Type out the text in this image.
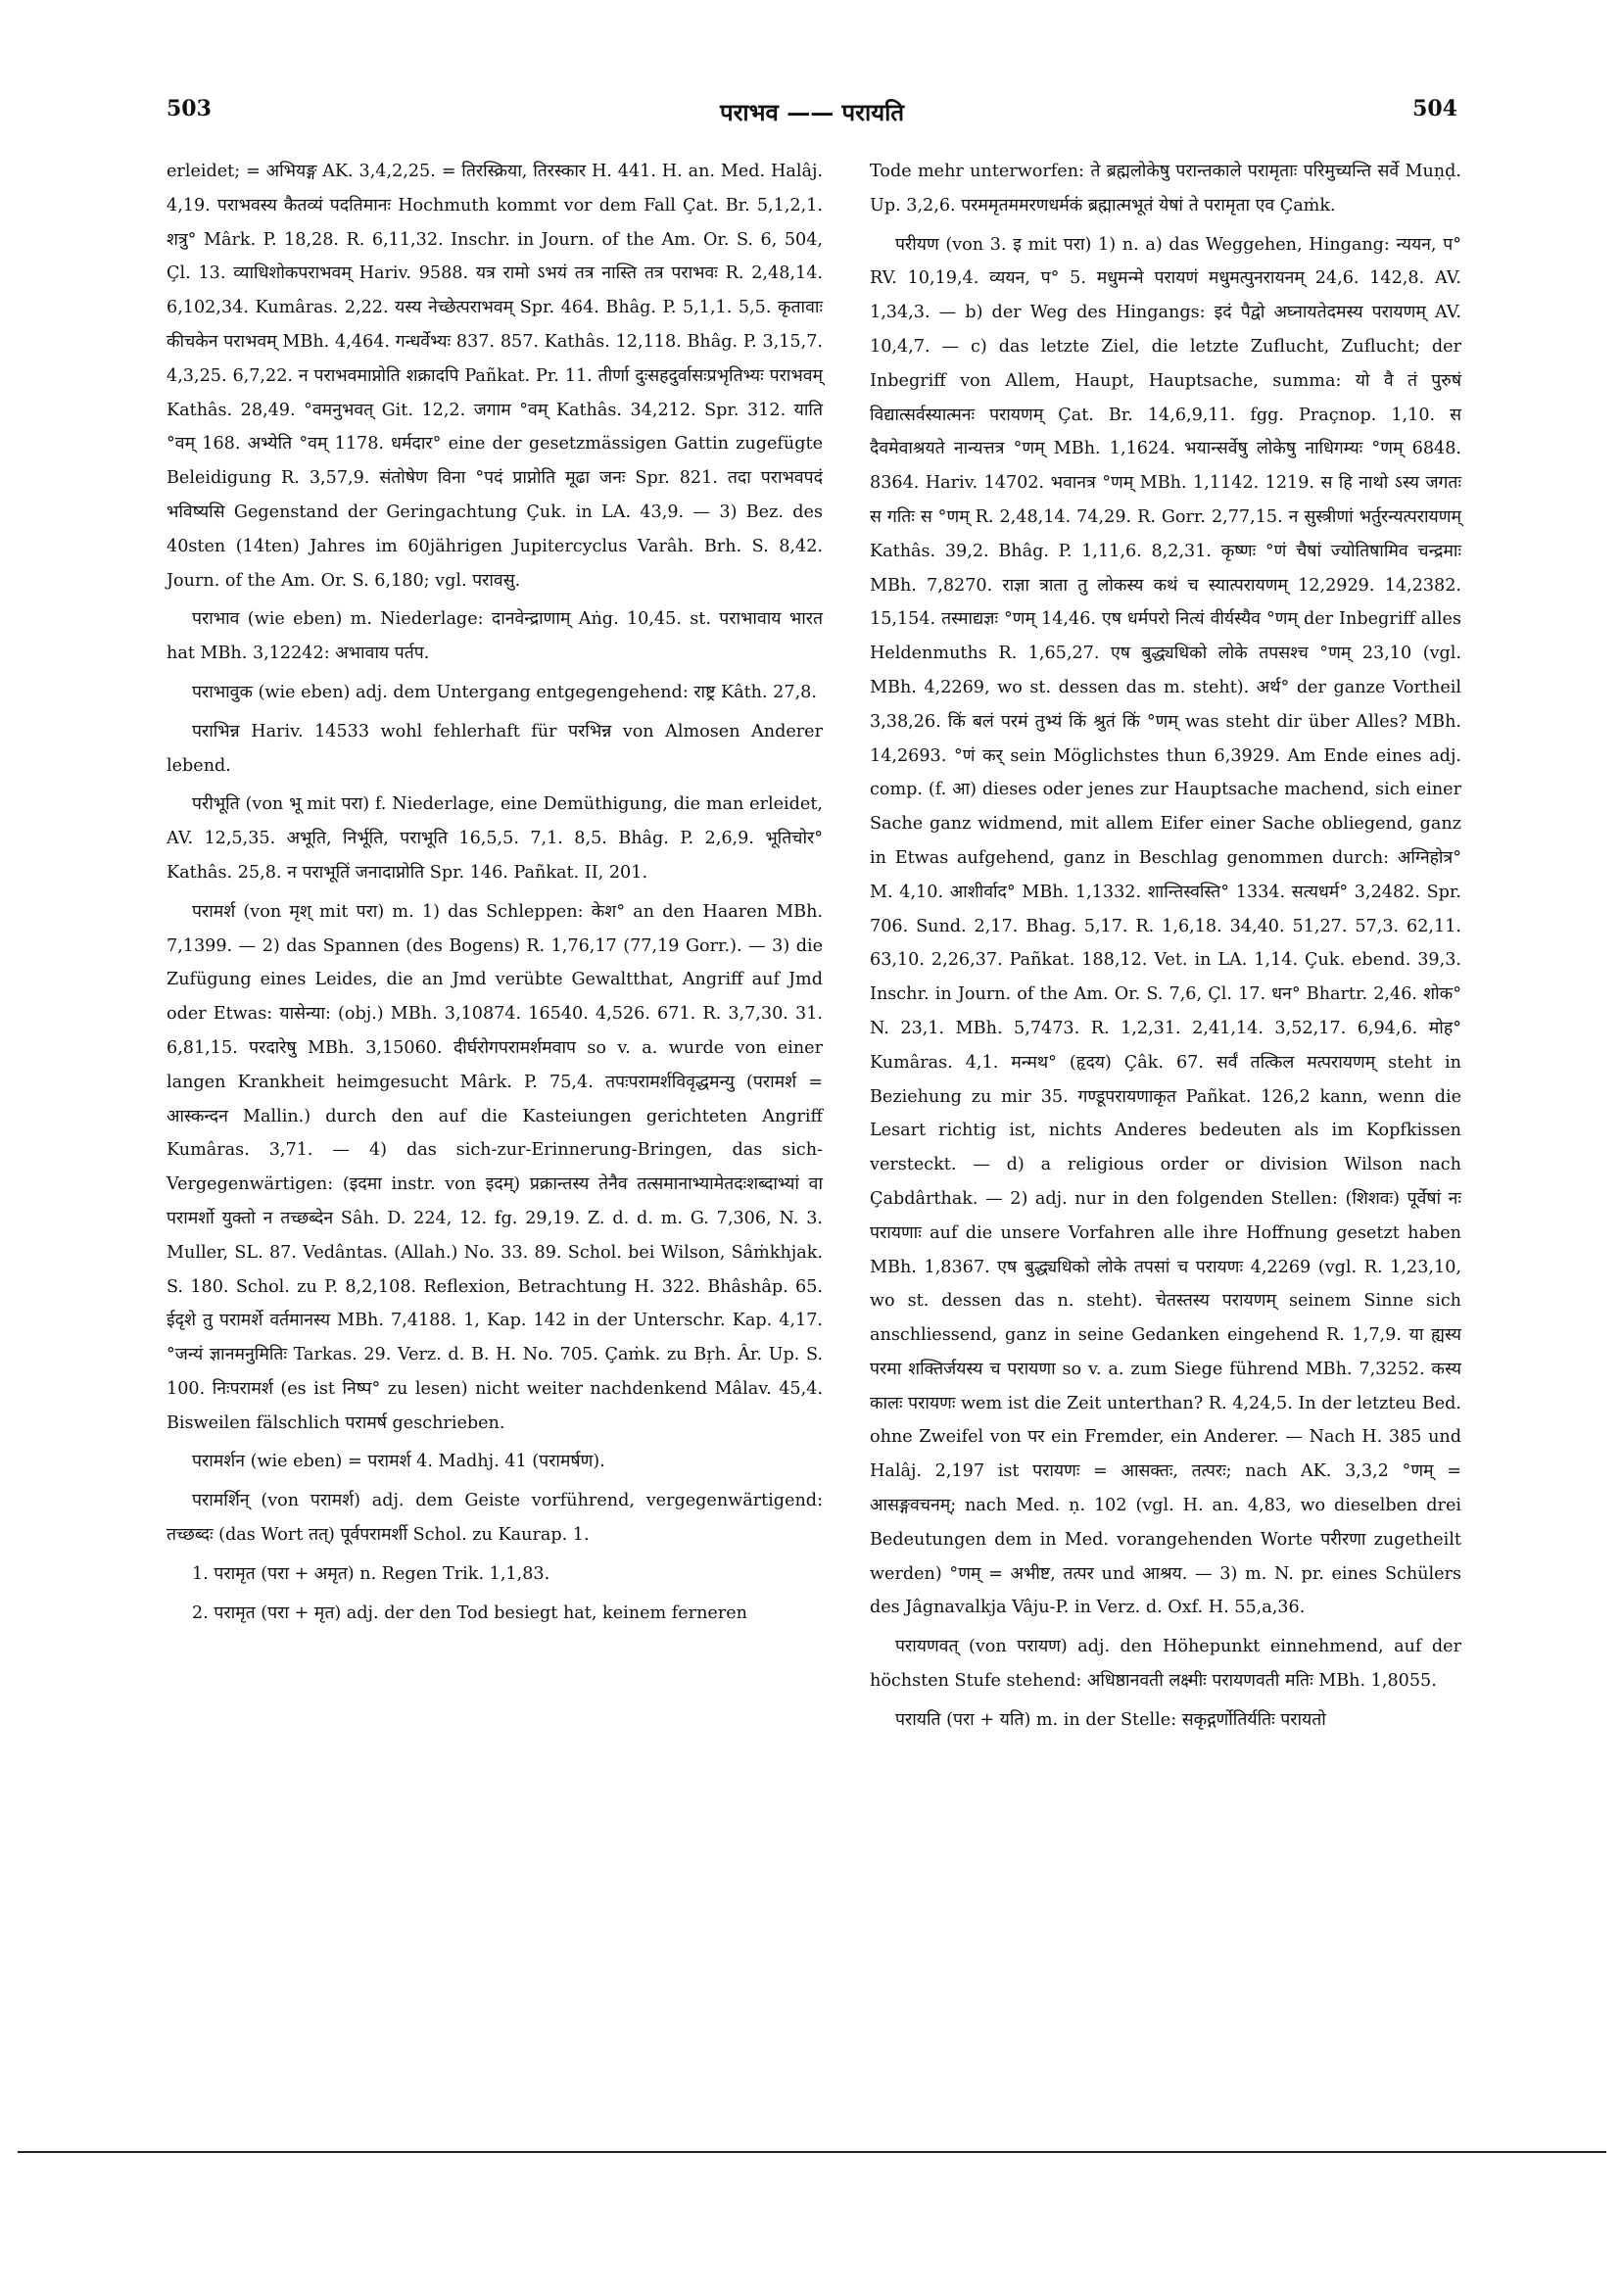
503	पराभव —— परायति	504

erleidet; = अभियङ्ग AK. 3,4,2,25. = तिरस्क्रिया, तिरस्कार H. 441. H. an. Med. Halâj. 4,19. पराभवस्य कैतव्यं पदतिमानः Hochmuth kommt vor dem Fall Çat. Br. 5,1,2,1. शत्रु° Mârk. P. 18,28. R. 6,11,32. Inschr. in Journ. of the Am. Or. S. 6, 504, Çl. 13. व्याधिशोकपराभवम् Hariv. 9588. यत्र रामो ऽभयं तत्र नास्ति तत्र पराभवः R. 2,48,14. 6,102,34. Kumâras. 2,22. यस्य नेच्छेत्पराभवम् Spr. 464. Bhâg. P. 5,1,1. 5,5. कृतावाः कीचकेन पराभवम् MBh. 4,464. गन्धर्वेभ्यः 837. 857. Kathâs. 12,118. Bhâg. P. 3,15,7. 4,3,25. 6,7,22. न पराभवमाप्नोति शक्रादपि Pañkat. Pr. 11. तीर्णा दुःसहदुर्वासःप्रभृतिभ्यः पराभवम् Kathâs. 28,49. °वमनुभवत् Git. 12,2. जगाम °वम् Kathâs. 34,212. Spr. 312. याति °वम् 168. अभ्येति °वम् 1178. धर्मदार° eine der gesetzmässigen Gattin zugefügte Beleidigung R. 3,57,9. संतोषेण विना °पदं प्राप्नोति मूढा जनः Spr. 821. तदा पराभवपदं भविष्यसि Gegenstand der Geringachtung Çuk. in LA. 43,9. — 3) Bez. des 40sten (14ten) Jahres im 60jährigen Jupitercyclus Varâh. Brh. S. 8,42. Journ. of the Am. Or. S. 6,180; vgl. परावसु.

पराभाव (wie eben) m. Niederlage: दानवेन्द्राणाम् Aṅg. 10,45. st. पराभावाय भारत hat MBh. 3,12242: अभावाय पर्तप.

पराभावुक (wie eben) adj. dem Untergang entgegengehend: राष्ट्र Kâth. 27,8.

पराभिन्न Hariv. 14533 wohl fehlerhaft für परभिन्न von Almosen Anderer lebend.

परीभूति (von भू mit परा) f. Niederlage, eine Demüthigung, die man erleidet, AV. 12,5,35. अभूति, निर्भूति, पराभूति 16,5,5. 7,1. 8,5. Bhâg. P. 2,6,9. भूतिचोर° Kathâs. 25,8. न पराभूतिं जनादाप्नोति Spr. 146. Pañkat. II, 201.

परामर्श (von मृश् mit परा) m. 1) das Schleppen: केश° an den Haaren MBh. 7,1399. — 2) das Spannen (des Bogens) R. 1,76,17 (77,19 Gorr.). — 3) die Zufügung eines Leides, die an Jmd verübte Gewaltthat, Angriff auf Jmd oder Etwas: यासेन्या: (obj.) MBh. 3,10874. 16540. 4,526. 671. R. 3,7,30. 31. 6,81,15. परदारेषु MBh. 3,15060. दीर्घरोगपरामर्शमवाप so v. a. wurde von einer langen Krankheit heimgesucht Mârk. P. 75,4. तपःपरामर्शविवृद्धमन्यु (परामर्श = आस्कन्दन Mallin.) durch den auf die Kasteiungen gerichteten Angriff Kumâras. 3,71. — 4) das sich-zur-Erinnerung-Bringen, das sich-Vergegenwärtigen: (इदमा instr. von इदम्) प्रक्रान्तस्य तेनैव तत्समानाभ्यामेतदःशब्दाभ्यां वा परामर्शो युक्तो न तच्छब्देन Sâh. D. 224, 12. fg. 29,19. Z. d. d. m. G. 7,306, N. 3. Muller, SL. 87. Vedântas. (Allah.) No. 33. 89. Schol. bei Wilson, Sâṁkhjak. S. 180. Schol. zu P. 8,2,108. Reflexion, Betrachtung H. 322. Bhâshâp. 65. ईदृशे तु परामर्शे वर्तमानस्य MBh. 7,4188. 1, Kap. 142 in der Unterschr. Kap. 4,17. °जन्यं ज्ञानमनुमितिः Tarkas. 29. Verz. d. B. H. No. 705. Çaṁk. zu Bṛh. Âr. Up. S. 100. निःपरामर्श (es ist निष्प° zu lesen) nicht weiter nachdenkend Mâlav. 45,4. Bisweilen fälschlich परामर्ष geschrieben.

परामर्शन (wie eben) = परामर्श 4. Madhj. 41 (परामर्षण).

परामर्शिन् (von परामर्श) adj. dem Geiste vorführend, vergegenwärtigend: तच्छब्दः (das Wort तत्) पूर्वपरामर्शी Schol. zu Kaurap. 1.

1. परामृत (परा + अमृत) n. Regen Trik. 1,1,83.

2. परामृत (परा + मृत) adj. der den Tod besiegt hat, keinem ferneren

Tode mehr unterworfen: ते ब्रह्मलोकेषु परान्तकाले परामृताः परिमुच्यन्ति सर्वे Muṇḍ. Up. 3,2,6. परममृतममरणधर्मकं ब्रह्मात्मभूतं येषां ते परामृता एव Çaṁk.

परीयण (von 3. इ mit परा) 1) n. a) das Weggehen, Hingang: न्ययन, प° RV. 10,19,4. व्ययन, प° 5. मधुमन्मे परायणं मधुमत्पुनरायनम् 24,6. 142,8. AV. 1,34,3. — b) der Weg des Hingangs: इदं पैद्वो अघ्नायतेदमस्य परायणम् AV. 10,4,7. — c) das letzte Ziel, die letzte Zuflucht, Zuflucht; der Inbegriff von Allem, Haupt, Hauptsache, summa: यो वै तं पुरुषं विद्यात्सर्वस्यात्मनः परायणम् Çat. Br. 14,6,9,11. fgg. Praçnop. 1,10. स दैवमेवाश्रयते नान्यत्तत्र °णम् MBh. 1,1624. भयान्सर्वेषु लोकेषु नाधिगम्यः °णम् 6848. 8364. Hariv. 14702. भवानत्र °णम् MBh. 1,1142. 1219. स हि नाथो ऽस्य जगतः स गतिः स °णम् R. 2,48,14. 74,29. R. Gorr. 2,77,15. न सुस्त्रीणां भर्तुरन्यत्परायणम् Kathâs. 39,2. Bhâg. P. 1,11,6. 8,2,31. कृष्णः °णं चैषां ज्योतिषामिव चन्द्रमाः MBh. 7,8270. राज्ञा त्राता तु लोकस्य कथं च स्यात्परायणम् 12,2929. 14,2382. 15,154. तस्माद्यज्ञः °णम् 14,46. एष धर्मपरो नित्यं वीर्यस्यैव °णम् der Inbegriff alles Heldenmuths R. 1,65,27. एष बुद्ध्यधिको लोके तपसश्च °णम् 23,10 (vgl. MBh. 4,2269, wo st. dessen das m. steht). अर्थ° der ganze Vortheil 3,38,26. किं बलं परमं तुभ्यं किं श्रुतं किं °णम् was steht dir über Alles? MBh. 14,2693. °णं कर् sein Möglichstes thun 6,3929. Am Ende eines adj. comp. (f. आ) dieses oder jenes zur Hauptsache machend, sich einer Sache ganz widmend, mit allem Eifer einer Sache obliegend, ganz in Etwas aufgehend, ganz in Beschlag genommen durch: अग्निहोत्र° M. 4,10. आशीर्वाद° MBh. 1,1332. शान्तिस्वस्ति° 1334. सत्यधर्म° 3,2482. Spr. 706. Sund. 2,17. Bhag. 5,17. R. 1,6,18. 34,40. 51,27. 57,3. 62,11. 63,10. 2,26,37. Pañkat. 188,12. Vet. in LA. 1,14. Çuk. ebend. 39,3. Inschr. in Journ. of the Am. Or. S. 7,6, Çl. 17. धन° Bhartr. 2,46. शोक° N. 23,1. MBh. 5,7473. R. 1,2,31. 2,41,14. 3,52,17. 6,94,6. मोह° Kumâras. 4,1. मन्मथ° (हृदय) Çâk. 67. सर्वं तत्किल मत्परायणम् steht in Beziehung zu mir 35. गण्डूपरायणाकृत Pañkat. 126,2 kann, wenn die Lesart richtig ist, nichts Anderes bedeuten als im Kopfkissen versteckt. — d) a religious order or division Wilson nach Çabdârthak. — 2) adj. nur in den folgenden Stellen: (शिशवः) पूर्वेषां नः परायणाः auf die unsere Vorfahren alle ihre Hoffnung gesetzt haben MBh. 1,8367. एष बुद्ध्यधिको लोके तपसां च परायणः 4,2269 (vgl. R. 1,23,10, wo st. dessen das n. steht). चेतस्तस्य परायणम् seinem Sinne sich anschliessend, ganz in seine Gedanken eingehend R. 1,7,9. या ह्यस्य परमा शक्तिर्जयस्य च परायणा so v. a. zum Siege führend MBh. 7,3252. कस्य कालः परायणः wem ist die Zeit unterthan? R. 4,24,5. In der letzteu Bed. ohne Zweifel von पर ein Fremder, ein Anderer. — Nach H. 385 und Halâj. 2,197 ist परायणः = आसक्तः, तत्परः; nach AK. 3,3,2 °णम् = आसङ्गवचनम्; nach Med. ṇ. 102 (vgl. H. an. 4,83, wo dieselben drei Bedeutungen dem in Med. vorangehenden Worte परीरणा zugetheilt werden) °णम् = अभीष्ट, तत्पर und आश्रय. — 3) m. N. pr. eines Schülers des Jâgnavalkja Vâju-P. in Verz. d. Oxf. H. 55,a,36.

परायणवत् (von परायण) adj. den Höhepunkt einnehmend, auf der höchsten Stufe stehend: अधिष्ठानवती लक्ष्मीः परायणवती मतिः MBh. 1,8055.

परायति (परा + यति) m. in der Stelle: सकृद्गर्णोतिर्यतिः परायतो
